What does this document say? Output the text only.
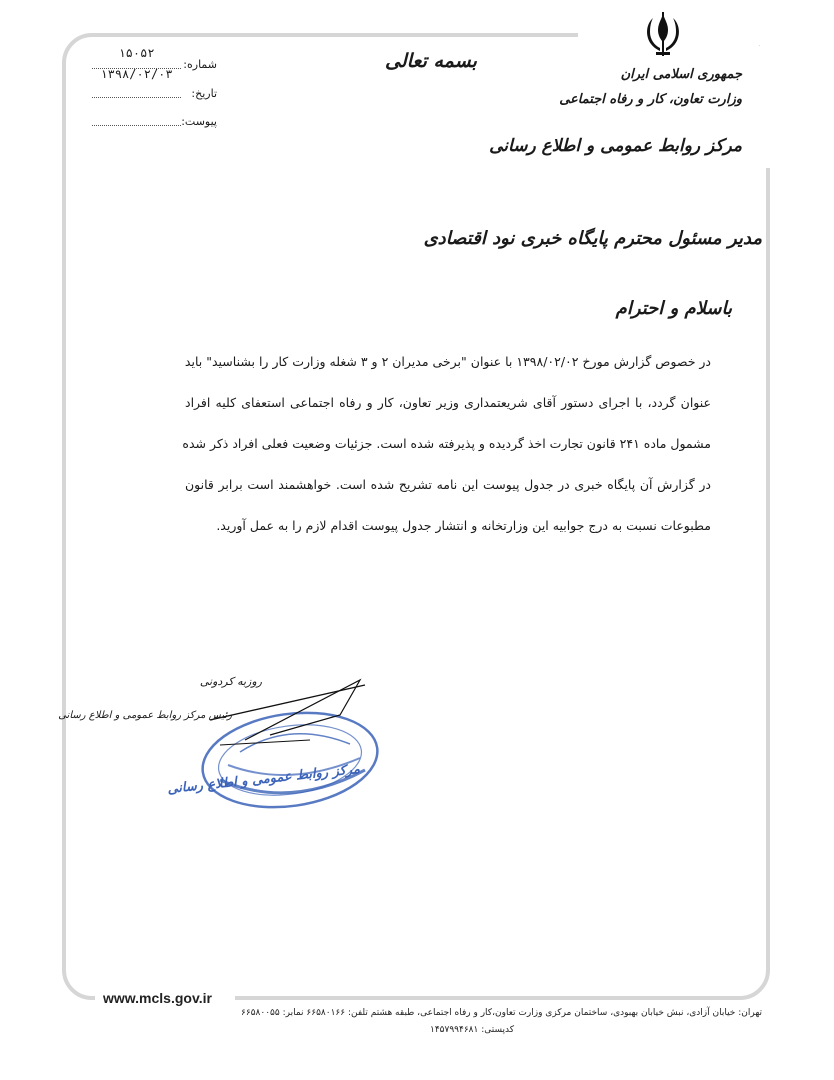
جمهوری اسلامی ایران
وزارت تعاون، کار و رفاه اجتماعی
مرکز روابط عمومی و اطلاع رسانی
بسمه تعالی
شماره:
۱۵۰۵۲
تاریخ:
۱۳۹۸/۰۲/۰۳
پیوست:
مدیر مسئول محترم پایگاه خبری نود اقتصادی
باسلام و احترام
در خصوص گزارش مورخ ۱۳۹۸/۰۲/۰۲ با عنوان "برخی مدیران ۲ و ۳ شغله وزارت کار را بشناسید" باید
عنوان گردد، با اجرای دستور آقای شریعتمداری وزیر تعاون، کار و رفاه اجتماعی استعفای کلیه افراد
مشمول ماده ۲۴۱ قانون تجارت اخذ گردیده و پذیرفته شده است. جزئیات وضعیت فعلی افراد ذکر شده
در گزارش آن پایگاه خبری در جدول پیوست این نامه تشریح شده است. خواهشمند است برابر قانون
مطبوعات نسبت به درج جوابیه این وزارتخانه و انتشار جدول پیوست اقدام لازم را به عمل آورید.
روزبه کردونی
رئیس مرکز روابط عمومی و اطلاع رسانی
مرکز روابط عمومی و اطلاع رسانی
www.mcls.gov.ir
تهران: خیابان آزادی، نبش خیابان بهبودی، ساختمان مرکزی وزارت تعاون،کار و رفاه اجتماعی، طبقه هشتم تلفن: ۶۶۵۸۰۱۶۶ نمابر: ۶۶۵۸۰۰۵۵
کدپستی: ۱۴۵۷۹۹۴۶۸۱
